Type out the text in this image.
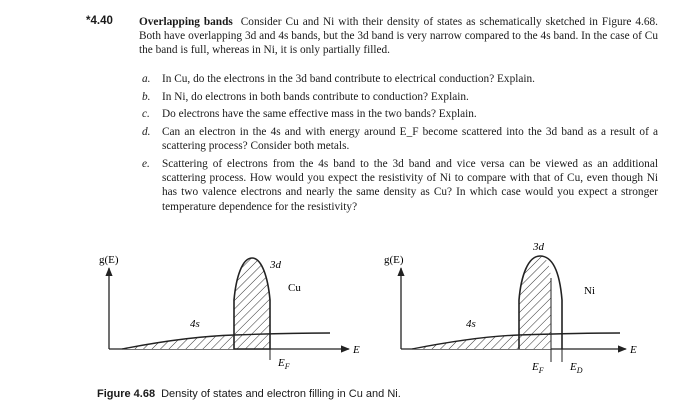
*4.40 Overlapping bands Consider Cu and Ni with their density of states as schematically sketched in Figure 4.68. Both have overlapping 3d and 4s bands, but the 3d band is very narrow compared to the 4s band. In the case of Cu the band is full, whereas in Ni, it is only partially filled.
a. In Cu, do the electrons in the 3d band contribute to electrical conduction? Explain.
b. In Ni, do electrons in both bands contribute to conduction? Explain.
c. Do electrons have the same effective mass in the two bands? Explain.
d. Can an electron in the 4s and with energy around E_F become scattered into the 3d band as a result of a scattering process? Consider both metals.
e. Scattering of electrons from the 4s band to the 3d band and vice versa can be viewed as an additional scattering process. How would you expect the resistivity of Ni to compare with that of Cu, even though Ni has two valence electrons and nearly the same density as Cu? In which case would you expect a stronger temperature dependence for the resistivity?
g(E)	3d
Cu
4s
E
$E_F$
g(E)
3d
Ni
4s
E
$E_F$ $E_D$
Figure 4.68 Density of states and electron filling in Cu and Ni.
